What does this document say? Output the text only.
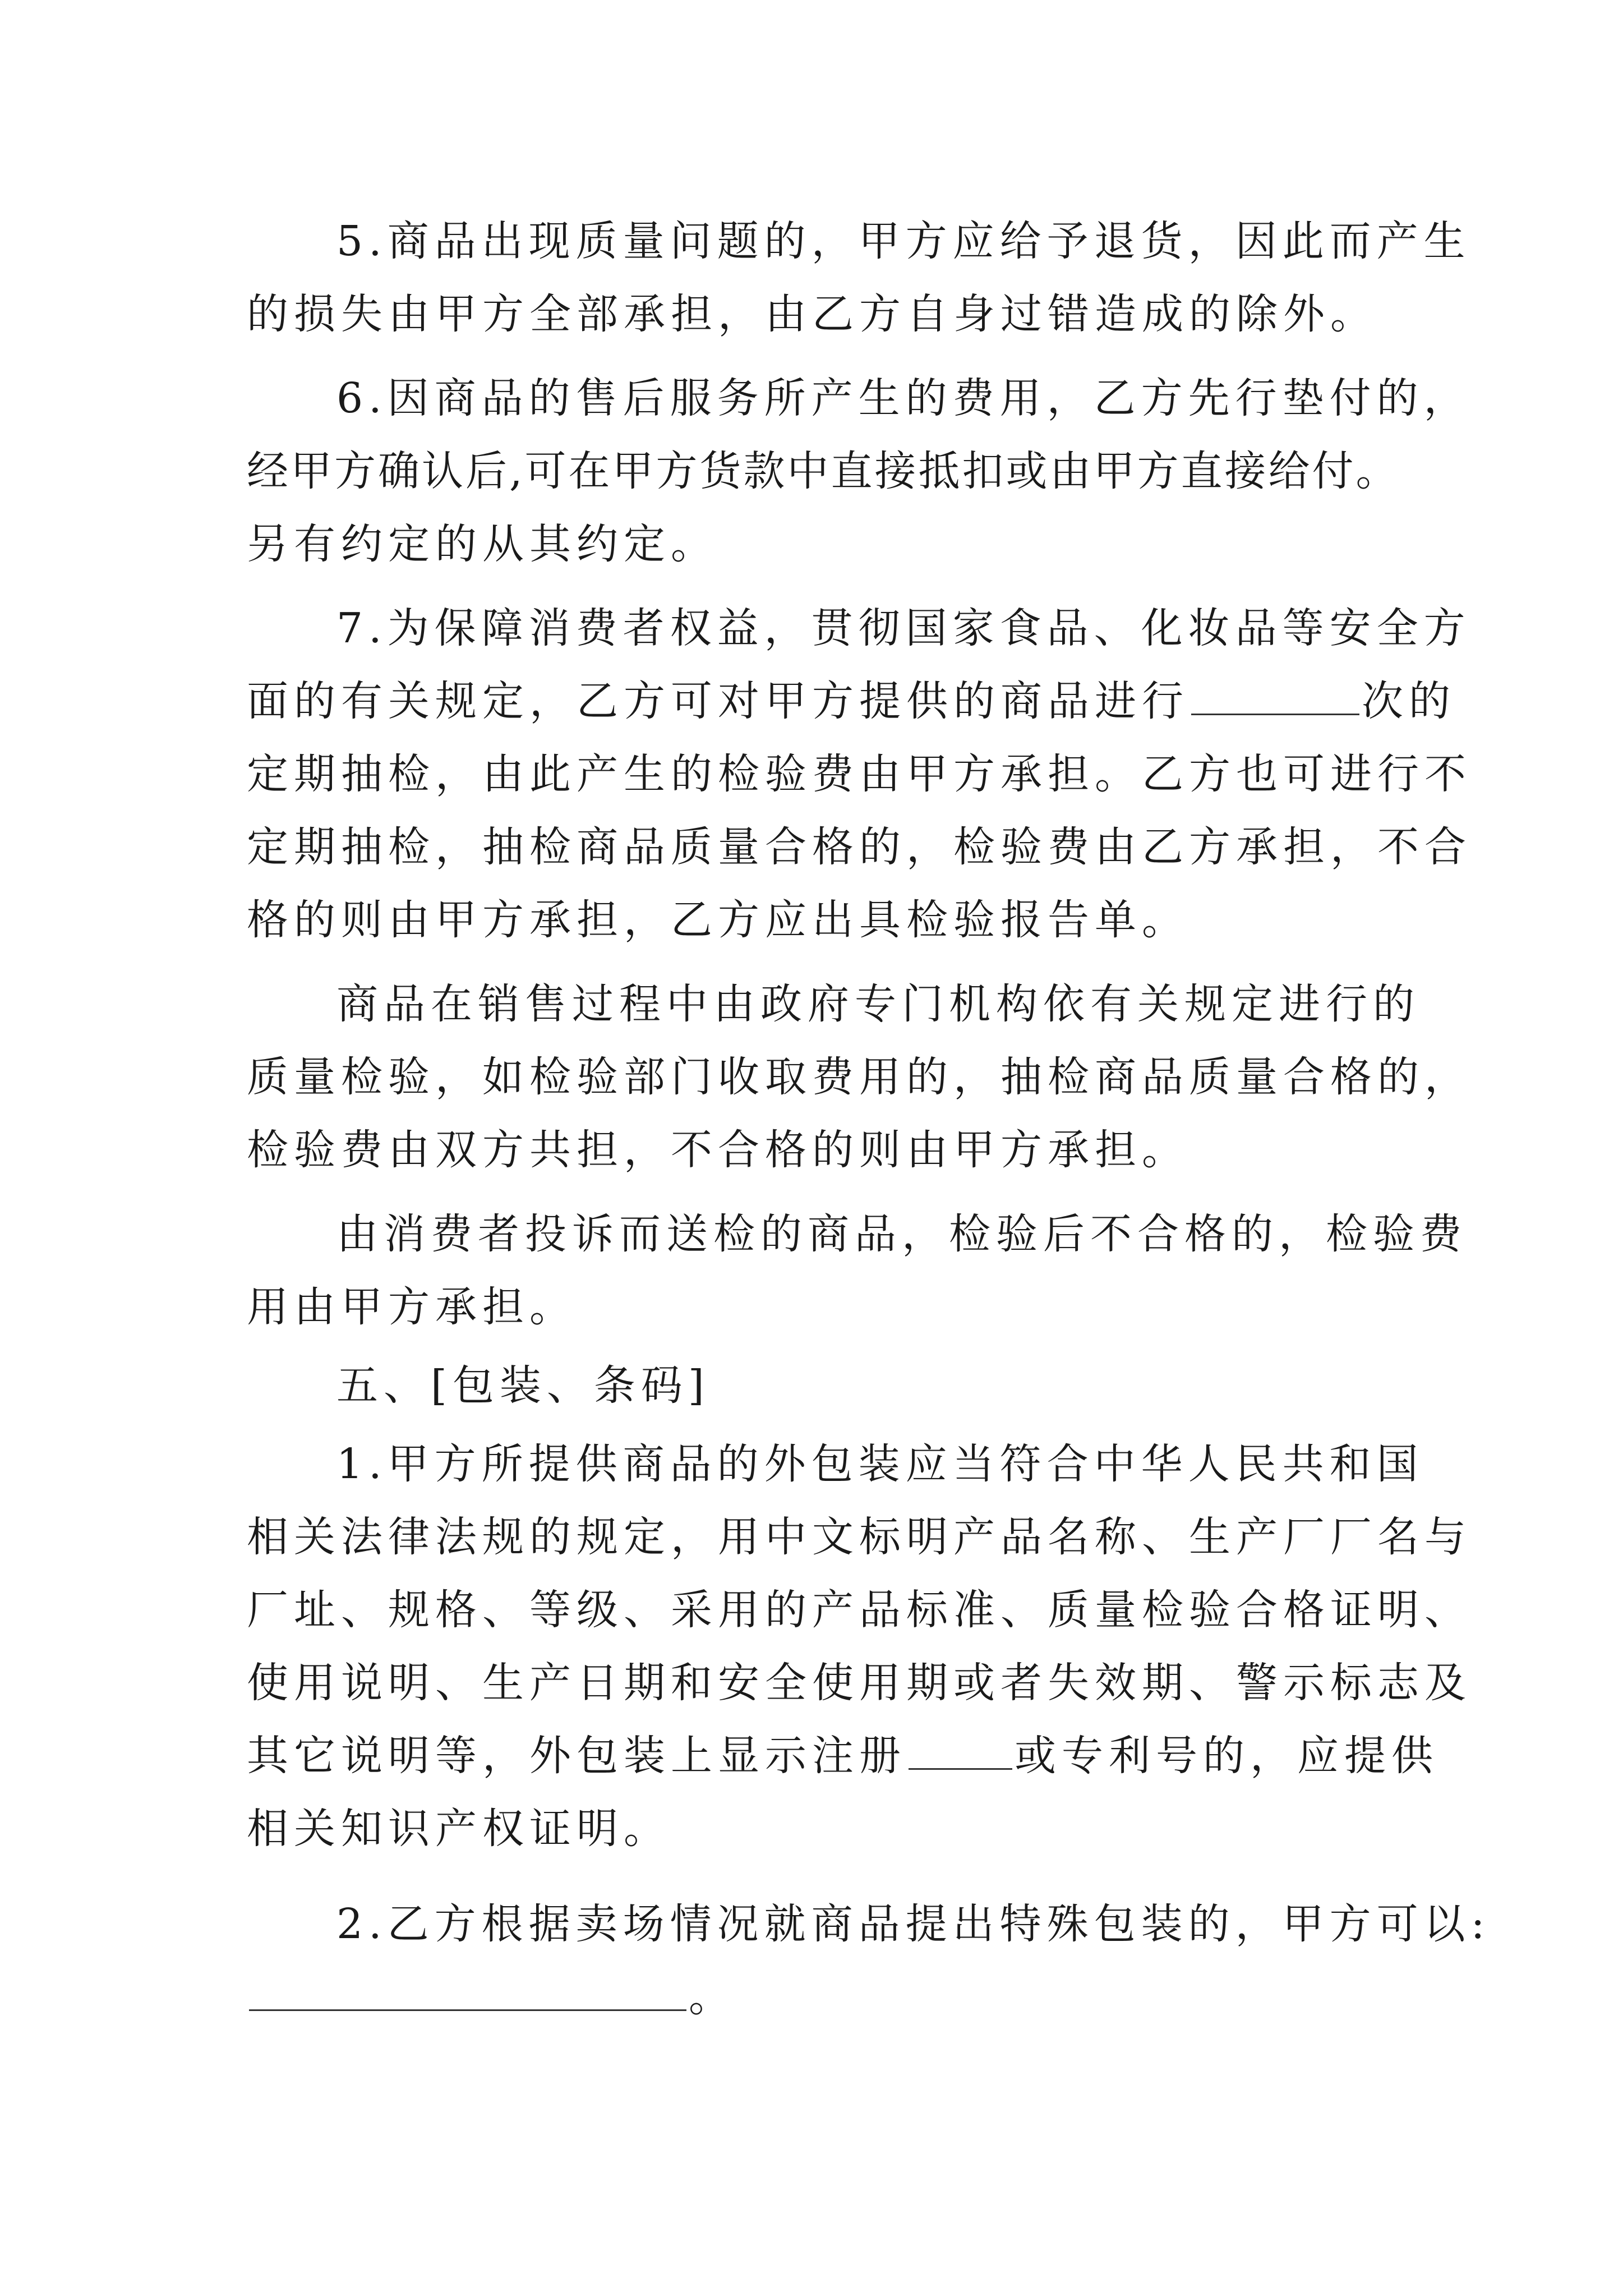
5.商品出现质量问题的，甲方应给予退货，因此而产生

的损失由甲方全部承担，由乙方自身过错造成的除外。

6.因商品的售后服务所产生的费用，乙方先行垫付的，

经甲方确认后,可在甲方货款中直接抵扣或由甲方直接给付。

另有约定的从其约定。

7.为保障消费者权益，贯彻国家食品、化妆品等安全方

面的有关规定，乙方可对甲方提供的商品进行	次的

定期抽检，由此产生的检验费由甲方承担。乙方也可进行不

定期抽检，抽检商品质量合格的，检验费由乙方承担，不合

格的则由甲方承担，乙方应出具检验报告单。

商品在销售过程中由政府专门机构依有关规定进行的

质量检验，如检验部门收取费用的，抽检商品质量合格的，

检验费由双方共担，不合格的则由甲方承担。

由消费者投诉而送检的商品，检验后不合格的，检验费

用由甲方承担。

五、[包装、条码]

1.甲方所提供商品的外包装应当符合中华人民共和国

相关法律法规的规定，用中文标明产品名称、生产厂厂名与

厂址、规格、等级、采用的产品标准、质量检验合格证明、

使用说明、生产日期和安全使用期或者失效期、警示标志及

其它说明等，外包装上显示注册	或专利号的，应提供

相关知识产权证明。

2.乙方根据卖场情况就商品提出特殊包装的，甲方可以:

。
